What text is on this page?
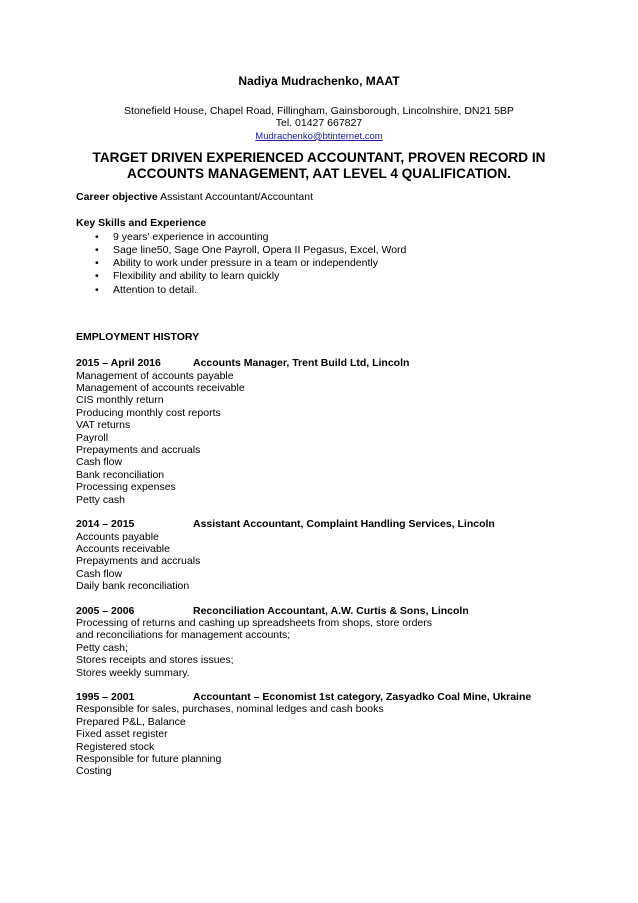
Nadiya Mudrachenko, MAAT
Stonefield House, Chapel Road, Fillingham, Gainsborough, Lincolnshire, DN21 5BP
Tel. 01427 667827
Mudrachenko@btinternet.com
TARGET DRIVEN EXPERIENCED ACCOUNTANT, PROVEN RECORD IN
ACCOUNTS MANAGEMENT, AAT LEVEL 4 QUALIFICATION.
Career objective Assistant Accountant/Accountant
Key Skills and Experience
• 9 years' experience in accounting
• Sage line50, Sage One Payroll, Opera II Pegasus, Excel, Word
• Ability to work under pressure in a team or independently
• Flexibility and ability to learn quickly
• Attention to detail.
EMPLOYMENT HISTORY
2015 – April 2016	Accounts Manager, Trent Build Ltd, Lincoln
Management of accounts payable
Management of accounts receivable
CIS monthly return
Producing monthly cost reports
VAT returns
Payroll
Prepayments and accruals
Cash flow
Bank reconciliation
Processing expenses
Petty cash
2014 – 2015	Assistant Accountant, Complaint Handling Services, Lincoln
Accounts payable
Accounts receivable
Prepayments and accruals
Cash flow
Daily bank reconciliation
2005 – 2006	Reconciliation Accountant, A.W. Curtis & Sons, Lincoln
Processing of returns and cashing up spreadsheets from shops, store orders
and reconciliations for management accounts;
Petty cash;
Stores receipts and stores issues;
Stores weekly summary.
1995 – 2001	Accountant – Economist 1st category, Zasyadko Coal Mine, Ukraine
Responsible for sales, purchases, nominal ledges and cash books
Prepared P&L, Balance
Fixed asset register
Registered stock
Responsible for future planning
Costing
